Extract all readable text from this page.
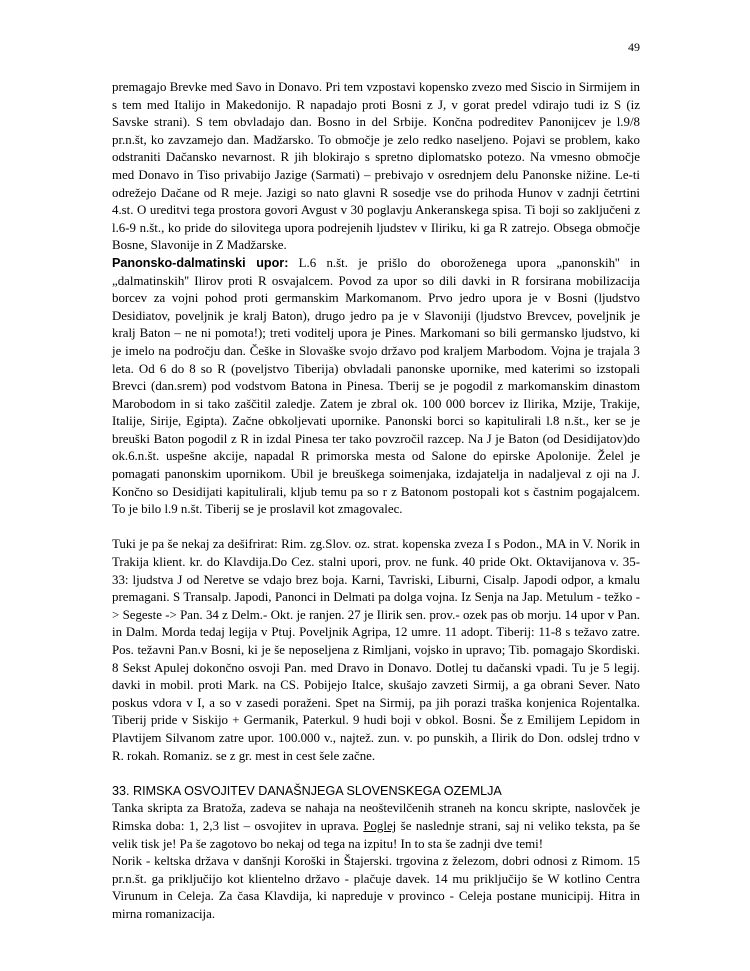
49

premagajo Brevke med Savo in Donavo. Pri tem vzpostavi kopensko zvezo med Siscio in Sirmijem in s tem med Italijo in Makedonijo. R napadajo proti Bosni z J, v gorat predel vdirajo tudi iz S (iz Savske strani). S tem obvladajo dan. Bosno in del Srbije. Končna podreditev Panonijcev je l.9/8 pr.n.št, ko zavzamejo dan. Madžarsko. To območje je zelo redko naseljeno. Pojavi se problem, kako odstraniti Dačansko nevarnost. R jih blokirajo s spretno diplomatsko potezo. Na vmesno območje med Donavo in Tiso privabijo Jazige (Sarmati) – prebivajo v osrednjem delu Panonske nižine. Le-ti odrežejo Dačane od R meje. Jazigi so nato glavni R sosedje vse do prihoda Hunov v zadnji četrtini 4.st. O ureditvi tega prostora govori Avgust v 30 poglavju Ankeranskega spisa. Ti boji so zaključeni z l.6-9 n.št., ko pride do silovitega upora podrejenih ljudstev v Iliriku, ki ga R zatrejo. Obsega območje Bosne, Slavonije in Z Madžarske.

Panonsko-dalmatinski upor: L.6 n.št. je prišlo do oboroženega upora „panonskih'' in „dalmatinskih'' Ilirov proti R osvajalcem. Povod za upor so dili davki in R forsirana mobilizacija borcev za vojni pohod proti germanskim Markomanom. Prvo jedro upora je v Bosni (ljudstvo Desidiatov, poveljnik je kralj Baton), drugo jedro pa je v Slavoniji (ljudstvo Brevcev, poveljnik je kralj Baton – ne ni pomota!); treti voditelj upora je Pines. Markomani so bili germansko ljudstvo, ki je imelo na področju dan. Češke in Slovaške svojo državo pod kraljem Marbodom. Vojna je trajala 3 leta. Od 6 do 8 so R (poveljstvo Tiberija) obvladali panonske upornike, med katerimi so izstopali Brevci (dan.srem) pod vodstvom Batona in Pinesa. Tberij se je pogodil z markomanskim dinastom Marobodom in si tako zaščitil zaledje. Zatem je zbral ok. 100 000 borcev iz Ilirika, Mzije, Trakije, Italije, Sirije, Egipta). Začne obkoljevati upornike. Panonski borci so kapitulirali l.8 n.št., ker se je breuški Baton pogodil z R in izdal Pinesa ter tako povzročil razcep. Na J je Baton (od Desidijatov)do ok.6.n.št. uspešne akcije, napadal R primorska mesta od Salone do epirske Apolonije. Želel je pomagati panonskim upornikom. Ubil je breuškega soimenjaka, izdajatelja in nadaljeval z oji na J. Končno so Desidijati kapitulirali, kljub temu pa so r z Batonom postopali kot s častnim pogajalcem. To je bilo l.9 n.št. Tiberij se je proslavil kot zmagovalec.

Tuki je pa še nekaj za dešifrirat: Rim. zg.Slov. oz. strat. kopenska zveza I s Podon., MA in V. Norik in Trakija klient. kr. do Klavdija.Do Cez. stalni upori, prov. ne funk. 40 pride Okt. Oktavijanova v. 35-33: ljudstva J od Neretve se vdajo brez boja. Karni, Tavriski, Liburni, Cisalp. Japodi odpor, a kmalu premagani. S Transalp. Japodi, Panonci in Delmati pa dolga vojna. Iz Senja na Jap. Metulum - težko -> Segeste -> Pan. 34 z Delm.- Okt. je ranjen. 27 je Ilirik sen. prov.- ozek pas ob morju. 14 upor v Pan. in Dalm. Morda tedaj legija v Ptuj. Poveljnik Agripa, 12 umre. 11 adopt. Tiberij: 11-8 s težavo zatre. Pos. težavni Pan.v Bosni, ki je še neposeljena z Rimljani, vojsko in upravo; Tib. pomagajo Skordiski. 8 Sekst Apulej dokončno osvoji Pan. med Dravo in Donavo. Dotlej tu dačanski vpadi. Tu je 5 legij. davki in mobil. proti Mark. na CS. Pobijejo Italce, skušajo zavzeti Sirmij, a ga obrani Sever. Nato poskus vdora v I, a so v zasedi poraženi. Spet na Sirmij, pa jih porazi traška konjenica Rojentalka. Tiberij pride v Siskijo + Germanik, Paterkul. 9 hudi boji v obkol. Bosni. Še z Emilijem Lepidom in Plavtijem Silvanom zatre upor. 100.000 v., najtež. zun. v. po punskih, a Ilirik do Don. odslej trdno v R. rokah. Romaniz. se z gr. mest in cest šele začne.

33. RIMSKA OSVOJITEV DANAŠNJEGA SLOVENSKEGA OZEMLJA

Tanka skripta za Bratoža, zadeva se nahaja na neoštevilčenih straneh na koncu skripte, naslovček je Rimska doba: 1, 2,3 list – osvojitev in uprava. Poglej še naslednje strani, saj ni veliko teksta, pa še velik tisk je! Pa še zagotovo bo nekaj od tega na izpitu! In to sta še zadnji dve temi!

Norik - keltska država v danšnji Koroški in Štajerski. trgovina z železom, dobri odnosi z Rimom. 15 pr.n.št. ga priključijo kot klientelno državo - plačuje davek. 14 mu priključijo še W kotlino Centra Virunum in Celeja. Za časa Klavdija, ki napreduje v provinco - Celeja postane municipij. Hitra in mirna romanizacija.
